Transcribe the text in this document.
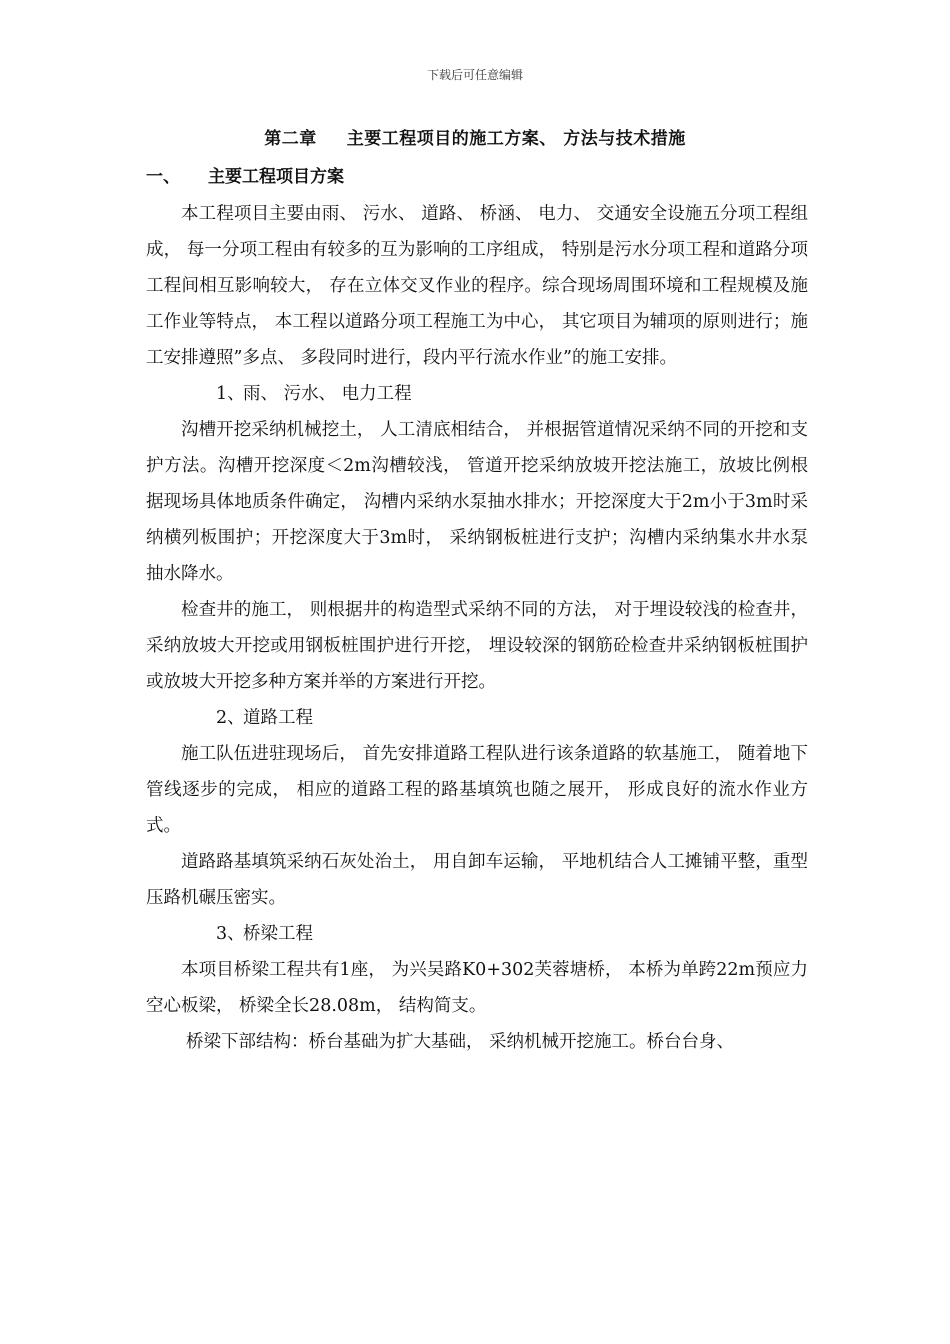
下载后可任意编辑
第二章 主要工程项目的施工方案、 方法与技术措施
一、 主要工程项目方案

本工程项目主要由雨、 污水、 道路、 桥涵、 电力、 交通安全设施五分项工程组成， 每一分项工程由有较多的互为影响的工序组成， 特别是污水分项工程和道路分项工程间相互影响较大， 存在立体交叉作业的程序。综合现场周围环境和工程规模及施工作业等特点， 本工程以道路分项工程施工为中心， 其它项目为辅项的原则进行；施工安排遵照”多点、 多段同时进行，段内平行流水作业”的施工安排。

1、雨、 污水、 电力工程

沟槽开挖采纳机械挖土， 人工清底相结合， 并根据管道情况采纳不同的开挖和支护方法。沟槽开挖深度＜2m沟槽较浅， 管道开挖采纳放坡开挖法施工，放坡比例根据现场具体地质条件确定， 沟槽内采纳水泵抽水排水；开挖深度大于2m小于3m时采纳横列板围护；开挖深度大于3m时， 采纳钢板桩进行支护；沟槽内采纳集水井水泵抽水降水。

检查井的施工， 则根据井的构造型式采纳不同的方法， 对于埋设较浅的检查井， 采纳放坡大开挖或用钢板桩围护进行开挖， 埋设较深的钢筋砼检查井采纳钢板桩围护或放坡大开挖多种方案并举的方案进行开挖。

2、道路工程

施工队伍进驻现场后， 首先安排道路工程队进行该条道路的软基施工， 随着地下管线逐步的完成， 相应的道路工程的路基填筑也随之展开， 形成良好的流水作业方式。

道路路基填筑采纳石灰处治土， 用自卸车运输， 平地机结合人工摊铺平整，重型压路机碾压密实。

3、桥梁工程

本项目桥梁工程共有1座， 为兴吴路K0+302芙蓉塘桥， 本桥为单跨22m预应力空心板梁， 桥梁全长28.08m， 结构简支。

桥梁下部结构：桥台基础为扩大基础， 采纳机械开挖施工。桥台台身、
